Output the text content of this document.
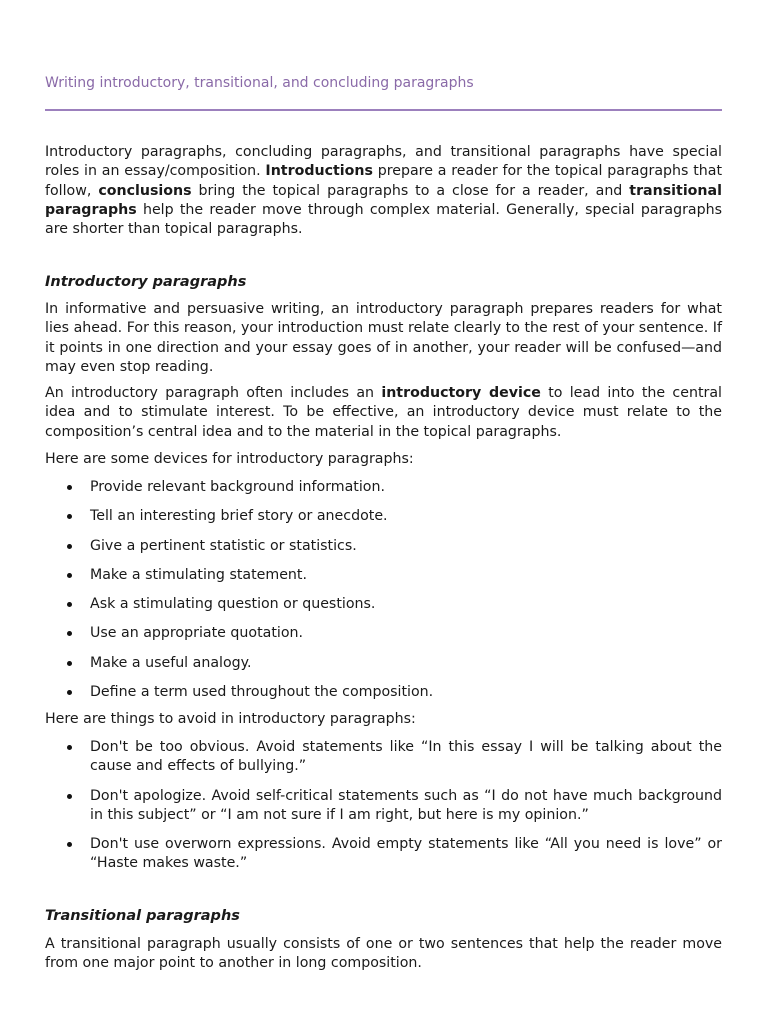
Writing introductory, transitional, and concluding paragraphs

Introductory paragraphs, concluding paragraphs, and transitional paragraphs have special roles in an essay/composition. Introductions prepare a reader for the topical paragraphs that follow, conclusions bring the topical paragraphs to a close for a reader, and transitional paragraphs help the reader move through complex material. Generally, special paragraphs are shorter than topical paragraphs.

Introductory paragraphs

In informative and persuasive writing, an introductory paragraph prepares readers for what lies ahead. For this reason, your introduction must relate clearly to the rest of your sentence. If it points in one direction and your essay goes of in another, your reader will be confused—and may even stop reading.

An introductory paragraph often includes an introductory device to lead into the central idea and to stimulate interest. To be effective, an introductory device must relate to the composition’s central idea and to the material in the topical paragraphs.

Here are some devices for introductory paragraphs:

Provide relevant background information.
Tell an interesting brief story or anecdote.
Give a pertinent statistic or statistics.
Make a stimulating statement.
Ask a stimulating question or questions.
Use an appropriate quotation.
Make a useful analogy.
Define a term used throughout the composition.

Here are things to avoid in introductory paragraphs:

Don't be too obvious. Avoid statements like “In this essay I will be talking about the cause and effects of bullying.”
Don't apologize. Avoid self-critical statements such as “I do not have much background in this subject” or “I am not sure if I am right, but here is my opinion.”
Don't use overworn expressions. Avoid empty statements like “All you need is love” or “Haste makes waste.”
Transitional paragraphs

A transitional paragraph usually consists of one or two sentences that help the reader move from one major point to another in long composition.
